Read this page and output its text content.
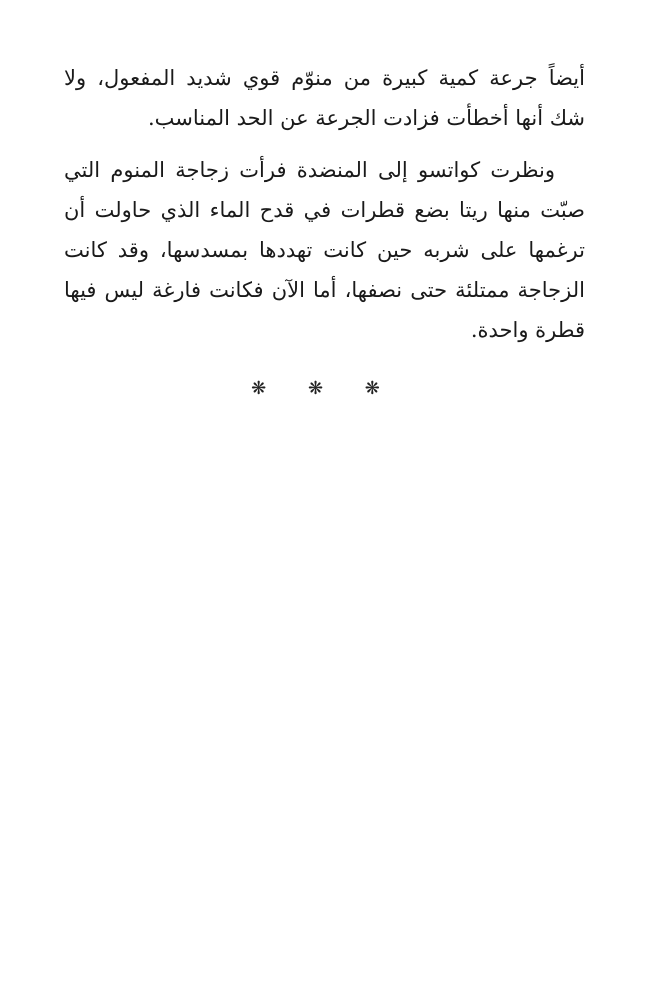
أيضاً جرعة كمية كبيرة من منوّم قوي شديد المفعول، ولا شك أنها أخطأت فزادت الجرعة عن الحد المناسب.

ونظرت كواتسو إلى المنضدة فرأت زجاجة المنوم التي صبّت منها ريتا بضع قطرات في قدح الماء الذي حاولت أن ترغمها على شربه حين كانت تهددها بمسدسها، وقد كانت الزجاجة ممتلئة حتى نصفها، أما الآن فكانت فارغة ليس فيها قطرة واحدة.

❋ ❋ ❋
